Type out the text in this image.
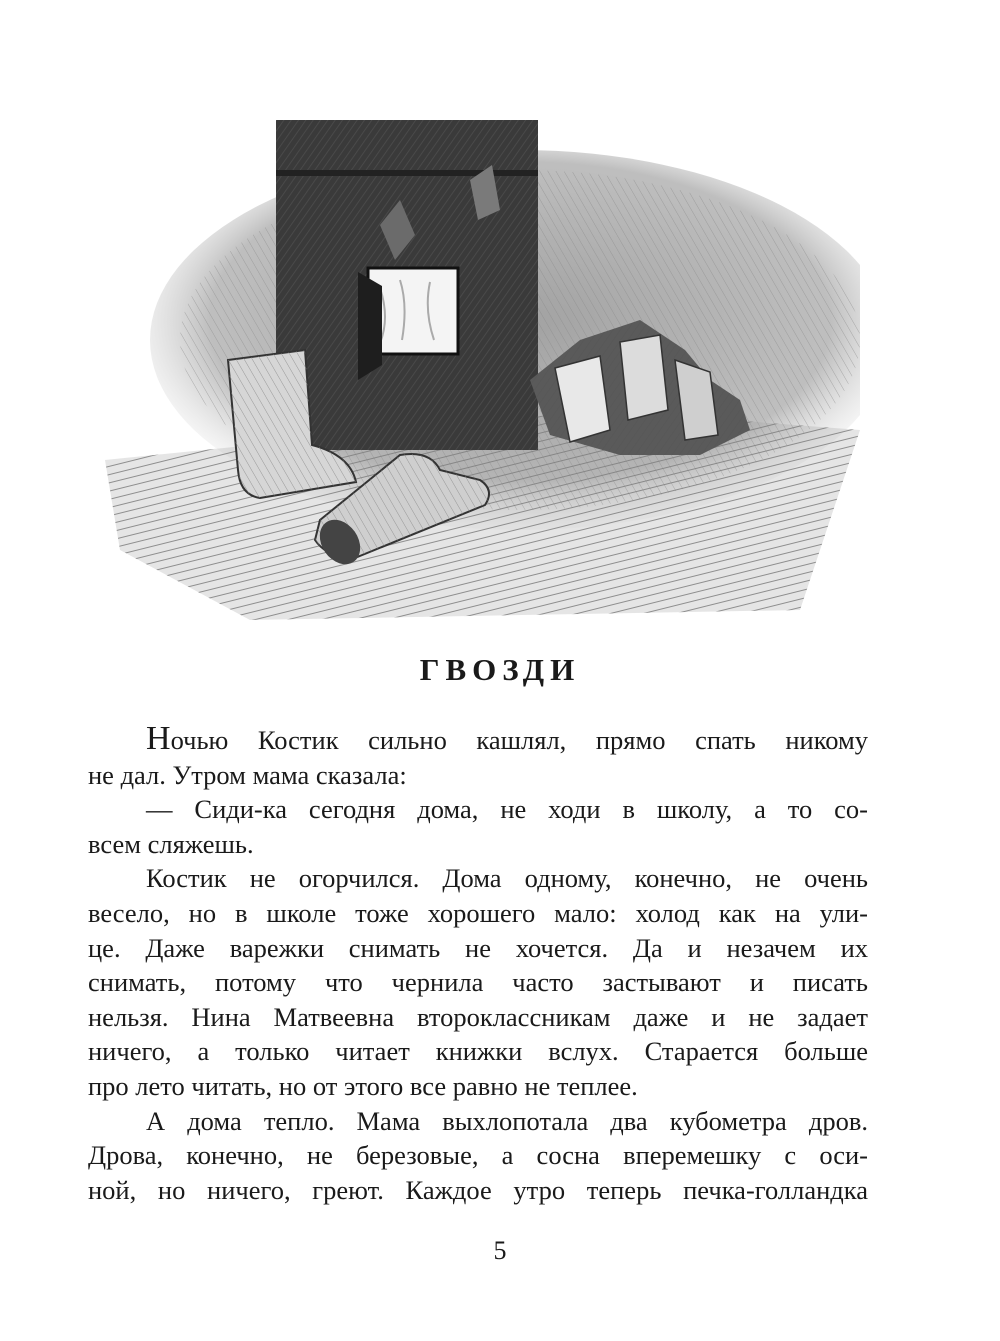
ГВОЗДИ
Ночью Костик сильно кашлял, прямо спать никому
не дал. Утром мама сказала:
— Сиди-ка сегодня дома, не ходи в школу, а то со-
всем сляжешь.
Костик не огорчился. Дома одному, конечно, не очень
весело, но в школе тоже хорошего мало: холод как на ули-
це. Даже варежки снимать не хочется. Да и незачем их
снимать, потому что чернила часто застывают и писать
нельзя. Нина Матвеевна второклассникам даже и не задает
ничего, а только читает книжки вслух. Старается больше
про лето читать, но от этого все равно не теплее.
А дома тепло. Мама выхлопотала два кубометра дров.
Дрова, конечно, не березовые, а сосна вперемешку с оси-
ной, но ничего, греют. Каждое утро теперь печка-голландка
5
